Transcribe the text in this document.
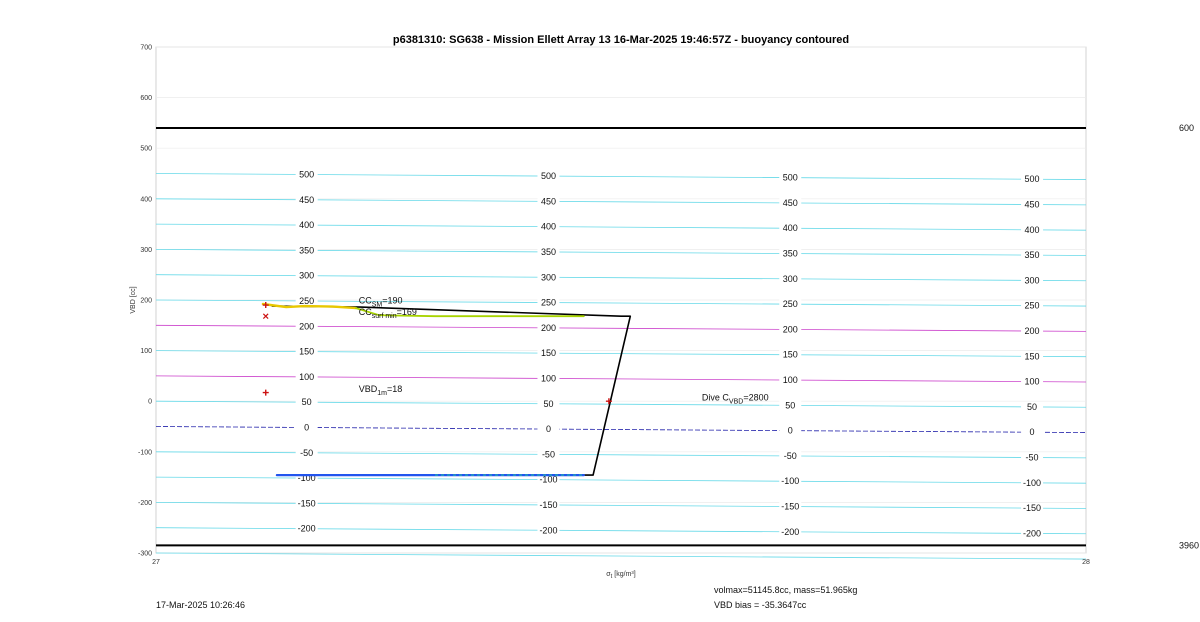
p6381310: SG638 - Mission Ellett Array 13 16-Mar-2025 19:46:57Z - buoyancy contoured
-200	-200	-200	-200
-150	-150	-150	-150
-100	-100	-100	-100
-50	-50	-50	-50
0	0	0	0
50	50	50	50
100	100	100	100
150	150	150	150
200	200	200	200
250	250	250	250
300	300	300	300
350	350	350	350
400	400	400	400
450	450	450	450
500	500	500	500
600
3960
$CC_{SM}=190$
$CC_{surf min}=169$
$VBD_{1m}=18$
Dive $C_{VBD}=2800$
700
600
500
400
300
200
100
0
-100
-200
-300
27	28
VBD [cc]
σt [kg/m³]
17-Mar-2025 10:26:46
volmax=51145.8cc, mass=51.965kg
VBD bias = -35.3647cc
